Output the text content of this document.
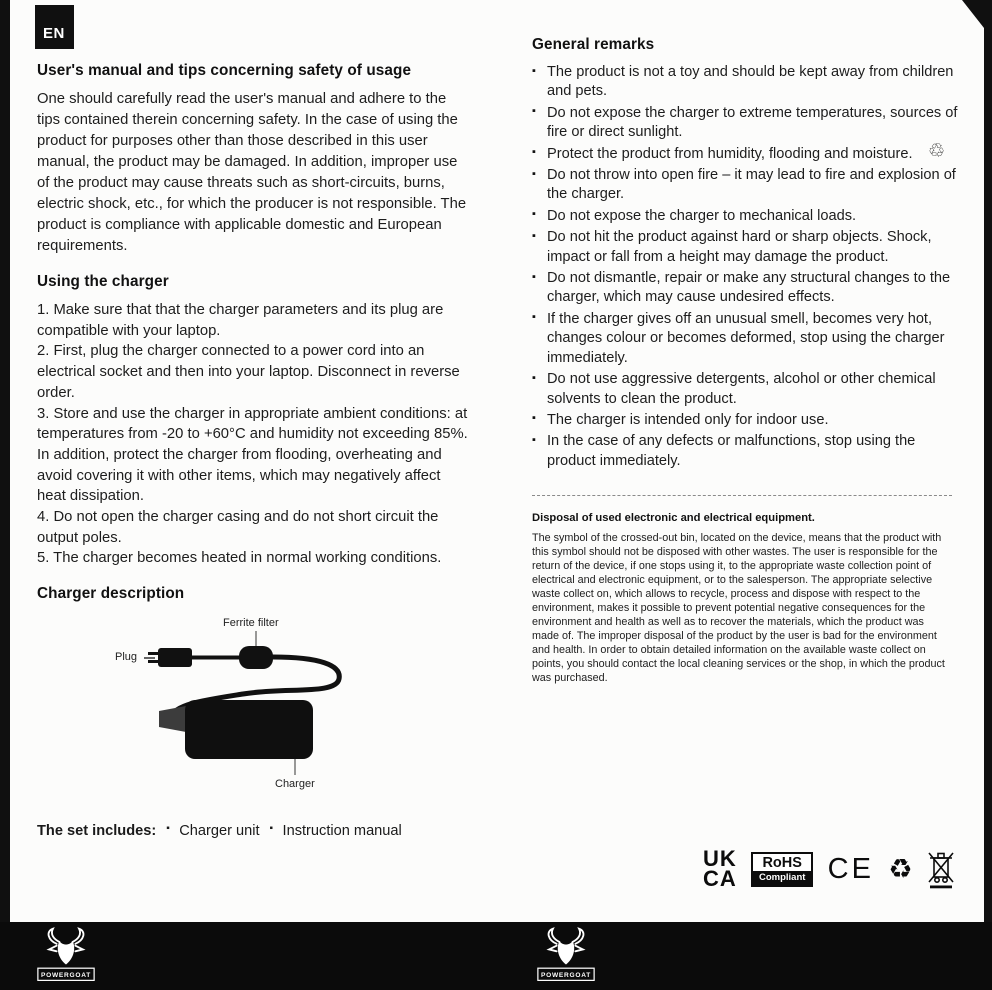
EN
♲
User's manual and tips concerning safety of usage

One should carefully read the user's manual and adhere to the tips contained therein concerning safety. In the case of using the product for purposes other than those described in this user manual, the product may be damaged. In addition, improper use of the product may cause threats such as short-circuits, burns, electric shock, etc., for which the producer is not responsible. The product is compliance with applicable domestic and European requirements.

Using the charger
1. Make sure that that the charger parameters and its plug are compatible with your laptop.
2. First, plug the charger connected to a power cord into an electrical socket and then into your laptop. Disconnect in reverse order.
3. Store and use the charger in appropriate ambient conditions: at temperatures from -20 to +60°C and humidity not exceeding 85%. In addition, protect the charger from flooding, overheating and avoid covering it with other items, which may negatively affect heat dissipation.
4. Do not open the charger casing and do not short circuit the output poles.
5. The charger becomes heated in normal working conditions.
Charger description
Ferrite filter
Plug
Charger
The set includes:	▪ Charger unit	▪ Instruction manual
General remarks
▪ The product is not a toy and should be kept away from children and pets.
▪ Do not expose the charger to extreme temperatures, sources of fire or direct sunlight.
▪ Protect the product from humidity, flooding and moisture.
▪ Do not throw into open fire – it may lead to fire and explosion of the charger.
▪ Do not expose the charger to mechanical loads.
▪ Do not hit the product against hard or sharp objects. Shock, impact or fall from a height may damage the product.
▪ Do not dismantle, repair or make any structural changes to the charger, which may cause undesired effects.
▪ If the charger gives off an unusual smell, becomes very hot, changes colour or becomes deformed, stop using the charger immediately.
▪ Do not use aggressive detergents, alcohol or other chemical solvents to clean the product.
▪ The charger is intended only for indoor use.
▪ In the case of any defects or malfunctions, stop using the product immediately.
Disposal of used electronic and electrical equipment.

The symbol of the crossed-out bin, located on the device, means that the product with this symbol should not be disposed with other wastes. The user is responsible for the return of the device, if one stops using it, to the appropriate waste collection point of electrical and electronic equipment, or to the salesperson. The appropriate selective waste collect on, which allows to recycle, process and dispose with respect to the environment, makes it possible to prevent potential negative consequences for the environment and health as well as to recover the materials, which the product was made of. The improper disposal of the product by the user is bad for the environment and health. In order to obtain detailed information on the available waste collect on points, you should contact the local cleaning services or the shop, in which the product was purchased.

UK
CA
RoHS
Compliant CE ♻
POWERGOAT	POWERGOAT
